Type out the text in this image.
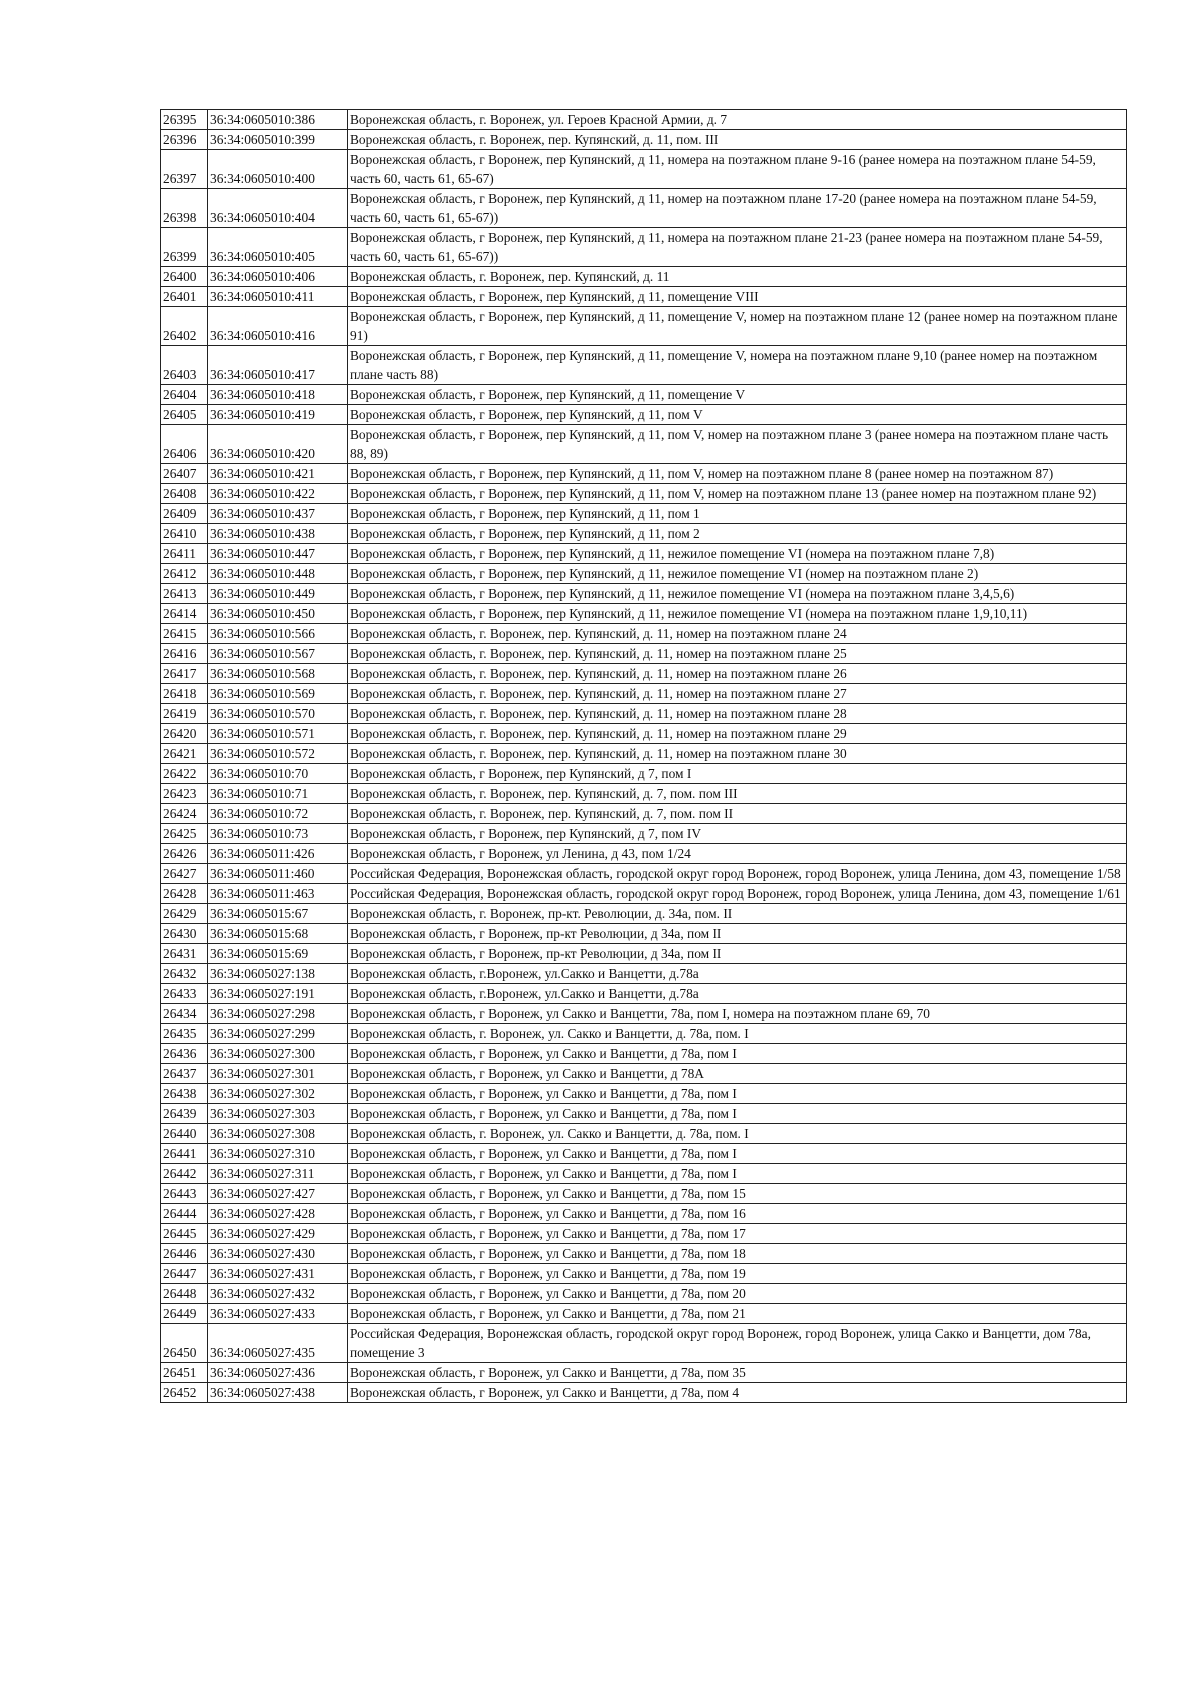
26395	36:34:0605010:386	Воронежская область, г. Воронеж, ул. Героев Красной Армии, д. 7
26396	36:34:0605010:399	Воронежская область, г. Воронеж, пер. Купянский, д. 11, пом. III
26397	36:34:0605010:400	Воронежская область, г Воронеж, пер Купянский, д 11, номера на поэтажном плане 9-16 (ранее номера на поэтажном плане 54-59, часть 60, часть 61, 65-67)
26398	36:34:0605010:404	Воронежская область, г Воронеж, пер Купянский, д 11, номер на поэтажном плане 17-20 (ранее номера на поэтажном плане 54-59, часть 60, часть 61, 65-67))
26399	36:34:0605010:405	Воронежская область, г Воронеж, пер Купянский, д 11, номера на поэтажном плане 21-23 (ранее номера на поэтажном плане 54-59, часть 60, часть 61, 65-67))
26400	36:34:0605010:406	Воронежская область, г. Воронеж, пер. Купянский, д. 11
26401	36:34:0605010:411	Воронежская область, г Воронеж, пер Купянский, д 11, помещение VIII
26402	36:34:0605010:416	Воронежская область, г Воронеж, пер Купянский, д 11, помещение V, номер на поэтажном плане 12 (ранее номер на поэтажном плане 91)
26403	36:34:0605010:417	Воронежская область, г Воронеж, пер Купянский, д 11, помещение V, номера на поэтажном плане 9,10 (ранее номер на поэтажном плане часть 88)
26404	36:34:0605010:418	Воронежская область, г Воронеж, пер Купянский, д 11, помещение V
26405	36:34:0605010:419	Воронежская область, г Воронеж, пер Купянский, д 11, пом V
26406	36:34:0605010:420	Воронежская область, г Воронеж, пер Купянский, д 11, пом V, номер на поэтажном плане 3 (ранее номера на поэтажном плане часть 88, 89)
26407	36:34:0605010:421	Воронежская область, г Воронеж, пер Купянский, д 11, пом V, номер на поэтажном плане 8 (ранее номер на поэтажном 87)
26408	36:34:0605010:422	Воронежская область, г Воронеж, пер Купянский, д 11, пом V, номер на поэтажном плане 13 (ранее номер на поэтажном плане 92)
26409	36:34:0605010:437	Воронежская область, г Воронеж, пер Купянский, д 11, пом 1
26410	36:34:0605010:438	Воронежская область, г Воронеж, пер Купянский, д 11, пом 2
26411	36:34:0605010:447	Воронежская область, г Воронеж, пер Купянский, д 11, нежилое помещение VI (номера на поэтажном плане 7,8)
26412	36:34:0605010:448	Воронежская область, г Воронеж, пер Купянский, д 11, нежилое помещение VI (номер на поэтажном плане 2)
26413	36:34:0605010:449	Воронежская область, г Воронеж, пер Купянский, д 11, нежилое помещение VI (номера на поэтажном плане 3,4,5,6)
26414	36:34:0605010:450	Воронежская область, г Воронеж, пер Купянский, д 11, нежилое помещение VI (номера на поэтажном плане 1,9,10,11)
26415	36:34:0605010:566	Воронежская область, г. Воронеж, пер. Купянский, д. 11, номер на поэтажном плане 24
26416	36:34:0605010:567	Воронежская область, г. Воронеж, пер. Купянский, д. 11, номер на поэтажном плане 25
26417	36:34:0605010:568	Воронежская область, г. Воронеж, пер. Купянский, д. 11, номер на поэтажном плане 26
26418	36:34:0605010:569	Воронежская область, г. Воронеж, пер. Купянский, д. 11, номер на поэтажном плане 27
26419	36:34:0605010:570	Воронежская область, г. Воронеж, пер. Купянский, д. 11, номер на поэтажном плане 28
26420	36:34:0605010:571	Воронежская область, г. Воронеж, пер. Купянский, д. 11, номер на поэтажном плане 29
26421	36:34:0605010:572	Воронежская область, г. Воронеж, пер. Купянский, д. 11, номер на поэтажном плане 30
26422	36:34:0605010:70	Воронежская область, г Воронеж, пер Купянский, д 7, пом I
26423	36:34:0605010:71	Воронежская область, г. Воронеж, пер. Купянский, д. 7, пом. пом III
26424	36:34:0605010:72	Воронежская область, г. Воронеж, пер. Купянский, д. 7, пом. пом II
26425	36:34:0605010:73	Воронежская область, г Воронеж, пер Купянский, д 7, пом IV
26426	36:34:0605011:426	Воронежская область, г Воронеж, ул Ленина, д 43, пом 1/24
26427	36:34:0605011:460	Российская Федерация, Воронежская область, городской округ город Воронеж, город Воронеж, улица Ленина, дом 43, помещение 1/58
26428	36:34:0605011:463	Российская Федерация, Воронежская область, городской округ город Воронеж, город Воронеж, улица Ленина, дом 43, помещение 1/61
26429	36:34:0605015:67	Воронежская область, г. Воронеж, пр-кт. Революции, д. 34а, пом. II
26430	36:34:0605015:68	Воронежская область, г Воронеж, пр-кт Революции, д 34а, пом II
26431	36:34:0605015:69	Воронежская область, г Воронеж, пр-кт Революции, д 34а, пом II
26432	36:34:0605027:138	Воронежская область, г.Воронеж, ул.Сакко и Ванцетти, д.78а
26433	36:34:0605027:191	Воронежская область, г.Воронеж, ул.Сакко и Ванцетти, д.78а
26434	36:34:0605027:298	Воронежская область, г Воронеж, ул Сакко и Ванцетти, 78а, пом I, номера на поэтажном плане 69, 70
26435	36:34:0605027:299	Воронежская область, г. Воронеж, ул. Сакко и Ванцетти, д. 78а, пом. I
26436	36:34:0605027:300	Воронежская область, г Воронеж, ул Сакко и Ванцетти, д 78а, пом I
26437	36:34:0605027:301	Воронежская область, г Воронеж, ул Сакко и Ванцетти, д 78А
26438	36:34:0605027:302	Воронежская область, г Воронеж, ул Сакко и Ванцетти, д 78а, пом I
26439	36:34:0605027:303	Воронежская область, г Воронеж, ул Сакко и Ванцетти, д 78а, пом I
26440	36:34:0605027:308	Воронежская область, г. Воронеж, ул. Сакко и Ванцетти, д. 78а, пом. I
26441	36:34:0605027:310	Воронежская область, г Воронеж, ул Сакко и Ванцетти, д 78а, пом I
26442	36:34:0605027:311	Воронежская область, г Воронеж, ул Сакко и Ванцетти, д 78а, пом I
26443	36:34:0605027:427	Воронежская область, г Воронеж, ул Сакко и Ванцетти, д 78а, пом 15
26444	36:34:0605027:428	Воронежская область, г Воронеж, ул Сакко и Ванцетти, д 78а, пом 16
26445	36:34:0605027:429	Воронежская область, г Воронеж, ул Сакко и Ванцетти, д 78а, пом 17
26446	36:34:0605027:430	Воронежская область, г Воронеж, ул Сакко и Ванцетти, д 78а, пом 18
26447	36:34:0605027:431	Воронежская область, г Воронеж, ул Сакко и Ванцетти, д 78а, пом 19
26448	36:34:0605027:432	Воронежская область, г Воронеж, ул Сакко и Ванцетти, д 78а, пом 20
26449	36:34:0605027:433	Воронежская область, г Воронеж, ул Сакко и Ванцетти, д 78а, пом 21
26450	36:34:0605027:435	Российская Федерация, Воронежская область, городской округ город Воронеж, город Воронеж, улица Сакко и Ванцетти, дом 78а, помещение 3
26451	36:34:0605027:436	Воронежская область, г Воронеж, ул Сакко и Ванцетти, д 78а, пом 35
26452	36:34:0605027:438	Воронежская область, г Воронеж, ул Сакко и Ванцетти, д 78а, пом 4
